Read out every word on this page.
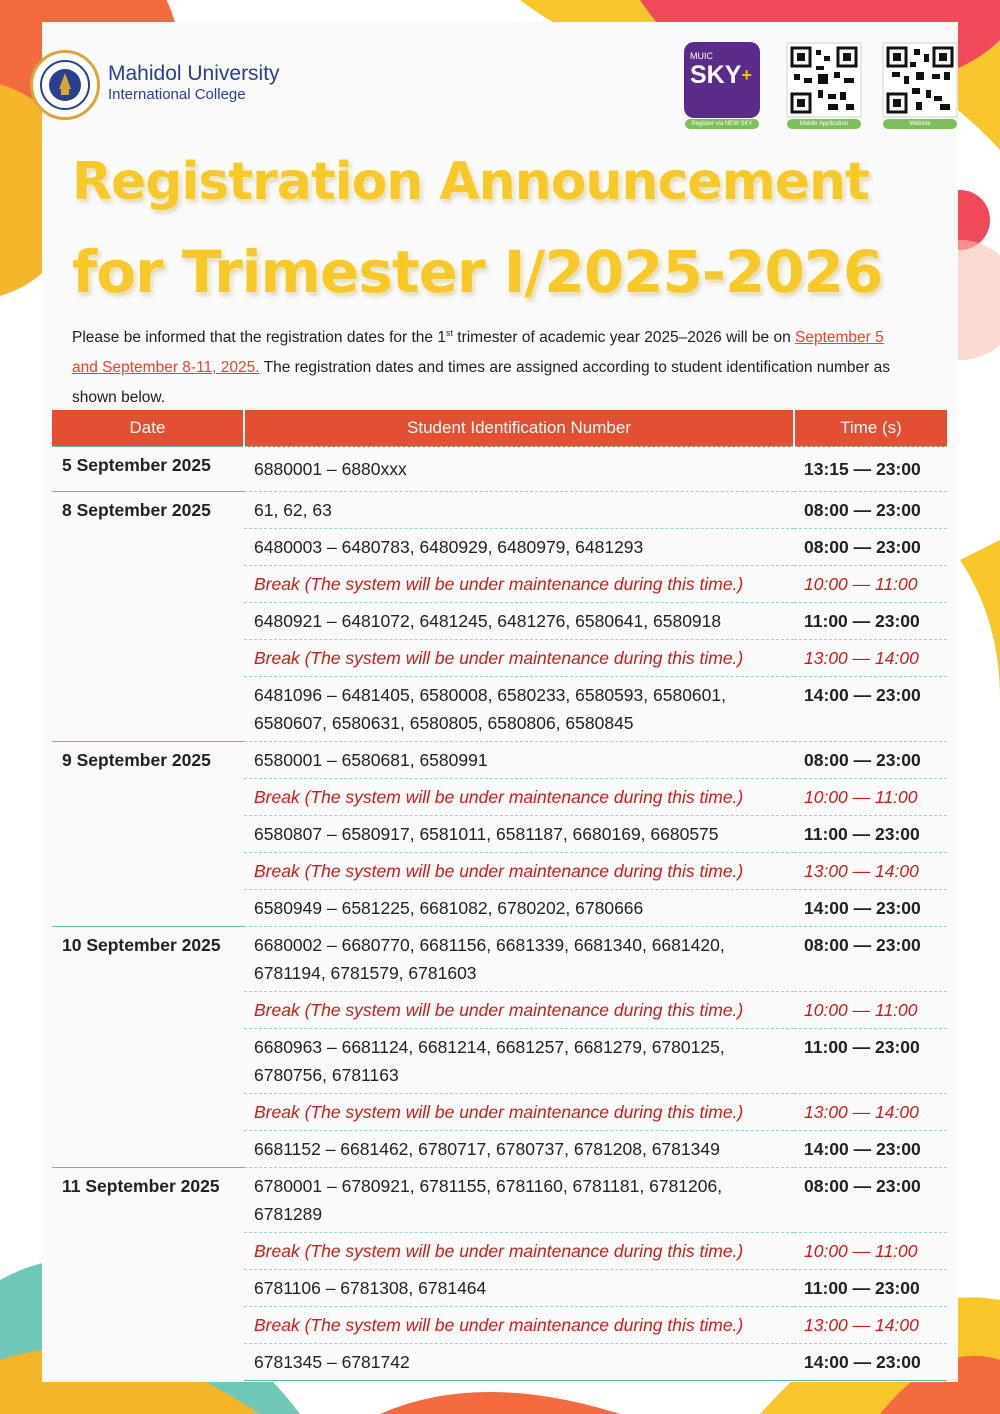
Mahidol University
International College
MUIC
SKY+
Register via NEW SKY	Mobile Application	Website
Registration Announcement
for Trimester I/2025-2026
Please be informed that the registration dates for the 1st trimester of academic year 2025–2026 will be on September 5 and September 8-11, 2025. The registration dates and times are assigned according to student identification number as shown below.
Date	Student Identification Number	Time (s)
5 September 2025	6880001 – 6880xxx	13:15 — 23:00
8 September 2025	61, 62, 63	08:00 — 23:00
	6480003 – 6480783, 6480929, 6480979, 6481293	08:00 — 23:00
	Break (The system will be under maintenance during this time.)	10:00 — 11:00
	6480921 – 6481072, 6481245, 6481276, 6580641, 6580918	11:00 — 23:00
	Break (The system will be under maintenance during this time.)	13:00 — 14:00
	6481096 – 6481405, 6580008, 6580233, 6580593, 6580601, 6580607, 6580631, 6580805, 6580806, 6580845	14:00 — 23:00
9 September 2025	6580001 – 6580681, 6580991	08:00 — 23:00
	Break (The system will be under maintenance during this time.)	10:00 — 11:00
	6580807 – 6580917, 6581011, 6581187, 6680169, 6680575	11:00 — 23:00
	Break (The system will be under maintenance during this time.)	13:00 — 14:00
	6580949 – 6581225, 6681082, 6780202, 6780666	14:00 — 23:00
10 September 2025	6680002 – 6680770, 6681156, 6681339, 6681340, 6681420, 6781194, 6781579, 6781603	08:00 — 23:00
	Break (The system will be under maintenance during this time.)	10:00 — 11:00
	6680963 – 6681124, 6681214, 6681257, 6681279, 6780125, 6780756, 6781163	11:00 — 23:00
	Break (The system will be under maintenance during this time.)	13:00 — 14:00
	6681152 – 6681462, 6780717, 6780737, 6781208, 6781349	14:00 — 23:00
11 September 2025	6780001 – 6780921, 6781155, 6781160, 6781181, 6781206, 6781289	08:00 — 23:00
	Break (The system will be under maintenance during this time.)	10:00 — 11:00
	6781106 – 6781308, 6781464	11:00 — 23:00
	Break (The system will be under maintenance during this time.)	13:00 — 14:00
	6781345 – 6781742	14:00 — 23:00
